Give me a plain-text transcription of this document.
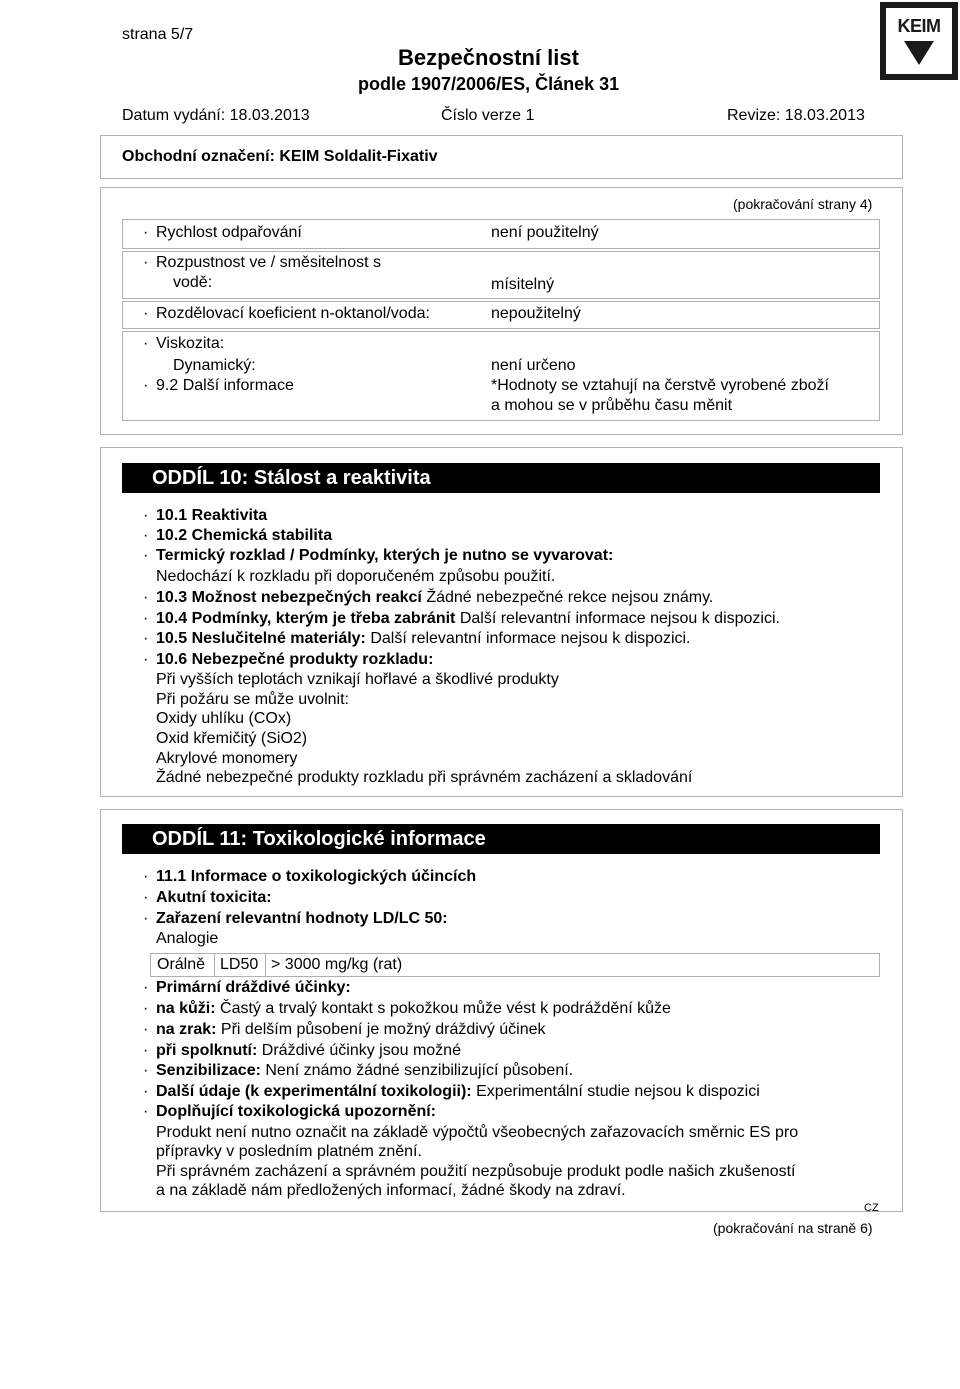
strana 5/7
Bezpečnostní list
podle 1907/2006/ES, Článek 31
KEIM
Datum vydání: 18.03.2013	Číslo verze 1	Revize: 18.03.2013
Obchodní označení: KEIM Soldalit-Fixativ
(pokračování strany 4)
· Rychlost odpařování	není použitelný
· Rozpustnost ve / směsitelnost s
vodě:	mísitelný
· Rozdělovací koeficient n-oktanol/voda:	nepoužitelný
· Viskozita:
Dynamický:	není určeno
· 9.2 Další informace	*Hodnoty se vztahují na čerstvě vyrobené zboží
a mohou se v průběhu času měnit
ODDÍL 10: Stálost a reaktivita
· 10.1 Reaktivita
· 10.2 Chemická stabilita
· Termický rozklad / Podmínky, kterých je nutno se vyvarovat:
Nedochází k rozkladu při doporučeném způsobu použití.
· 10.3 Možnost nebezpečných reakcí Žádné nebezpečné rekce nejsou známy.
· 10.4 Podmínky, kterým je třeba zabránit Další relevantní informace nejsou k dispozici.
· 10.5 Neslučitelné materiály: Další relevantní informace nejsou k dispozici.
· 10.6 Nebezpečné produkty rozkladu:
Při vyšších teplotách vznikají hořlavé a škodlivé produkty
Při požáru se může uvolnit:
Oxidy uhlíku (COx)
Oxid křemičitý (SiO2)
Akrylové monomery
Žádné nebezpečné produkty rozkladu při správném zacházení a skladování
ODDÍL 11: Toxikologické informace
· 11.1 Informace o toxikologických účincích
· Akutní toxicita:
· Zařazení relevantní hodnoty LD/LC 50:
Analogie
Orálně LD50 > 3000 mg/kg (rat)
· Primární dráždivé účinky:
· na kůži: Častý a trvalý kontakt s pokožkou může vést k podráždění kůže
· na zrak: Při delším působení je možný dráždivý účinek
· při spolknutí: Dráždivé účinky jsou možné
· Senzibilizace: Není známo žádné senzibilizující působení.
· Další údaje (k experimentální toxikologii): Experimentální studie nejsou k dispozici
· Doplňující toxikologická upozornění:
Produkt není nutno označit na základě výpočtů všeobecných zařazovacích směrnic ES pro
přípravky v posledním platném znění.
Při správném zacházení a správném použití nezpůsobuje produkt podle našich zkušeností
a na základě nám předložených informací, žádné škody na zdraví.
CZ
(pokračování na straně 6)
